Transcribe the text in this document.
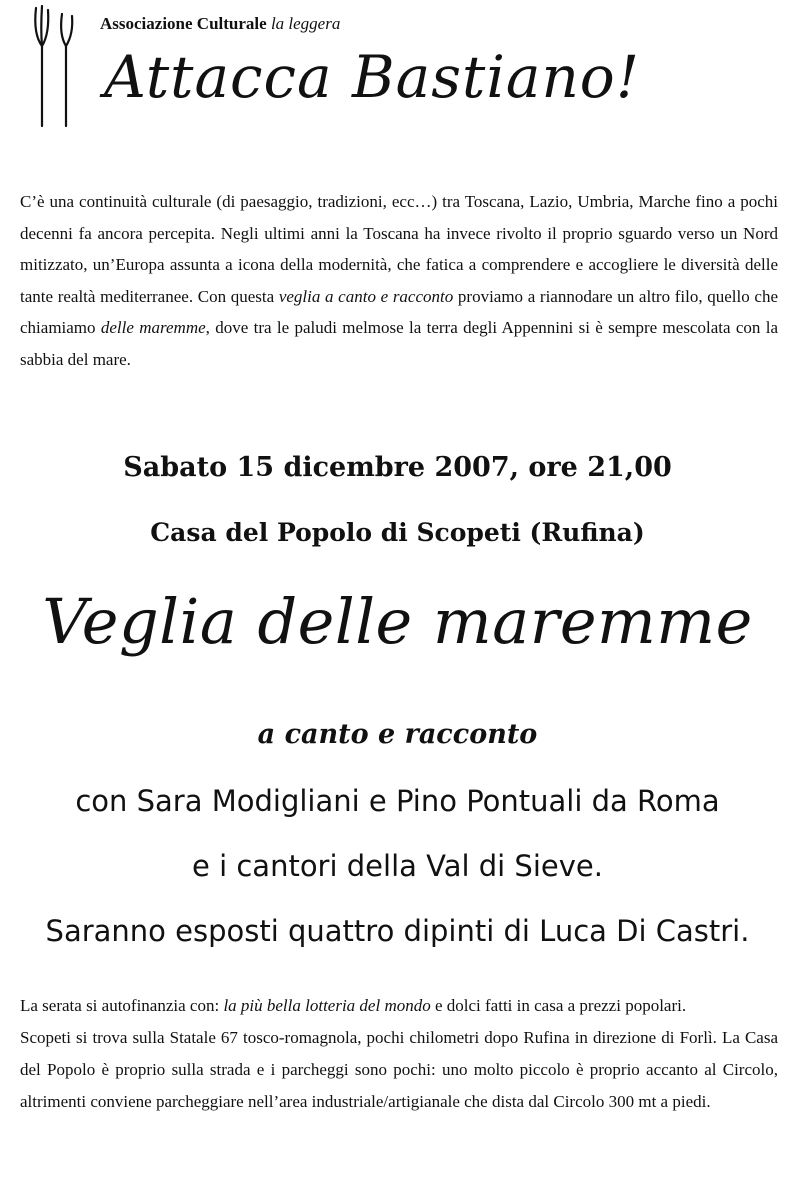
Associazione Culturale la leggera
Attacca Bastiano!

C’è una continuità culturale (di paesaggio, tradizioni, ecc…) tra Toscana, Lazio, Umbria, Marche fino a pochi decenni fa ancora percepita. Negli ultimi anni la Toscana ha invece rivolto il proprio sguardo verso un Nord mitizzato, un’Europa assunta a icona della modernità, che fatica a comprendere e accogliere le diversità delle tante realtà mediterranee. Con questa veglia a canto e racconto proviamo a riannodare un altro filo, quello che chiamiamo delle maremme, dove tra le paludi melmose la terra degli Appennini si è sempre mescolata con la sabbia del mare.

Sabato 15 dicembre 2007, ore 21,00
Casa del Popolo di Scopeti (Rufina)
Veglia delle maremme
a canto e racconto
con Sara Modigliani e Pino Pontuali da Roma
e i cantori della Val di Sieve.
Saranno esposti quattro dipinti di Luca Di Castri.

La serata si autofinanzia con: la più bella lotteria del mondo e dolci fatti in casa a prezzi popolari.

Scopeti si trova sulla Statale 67 tosco-romagnola, pochi chilometri dopo Rufina in direzione di Forlì. La Casa del Popolo è proprio sulla strada e i parcheggi sono pochi: uno molto piccolo è proprio accanto al Circolo, altrimenti conviene parcheggiare nell’area industriale/artigianale che dista dal Circolo 300 mt a piedi.
